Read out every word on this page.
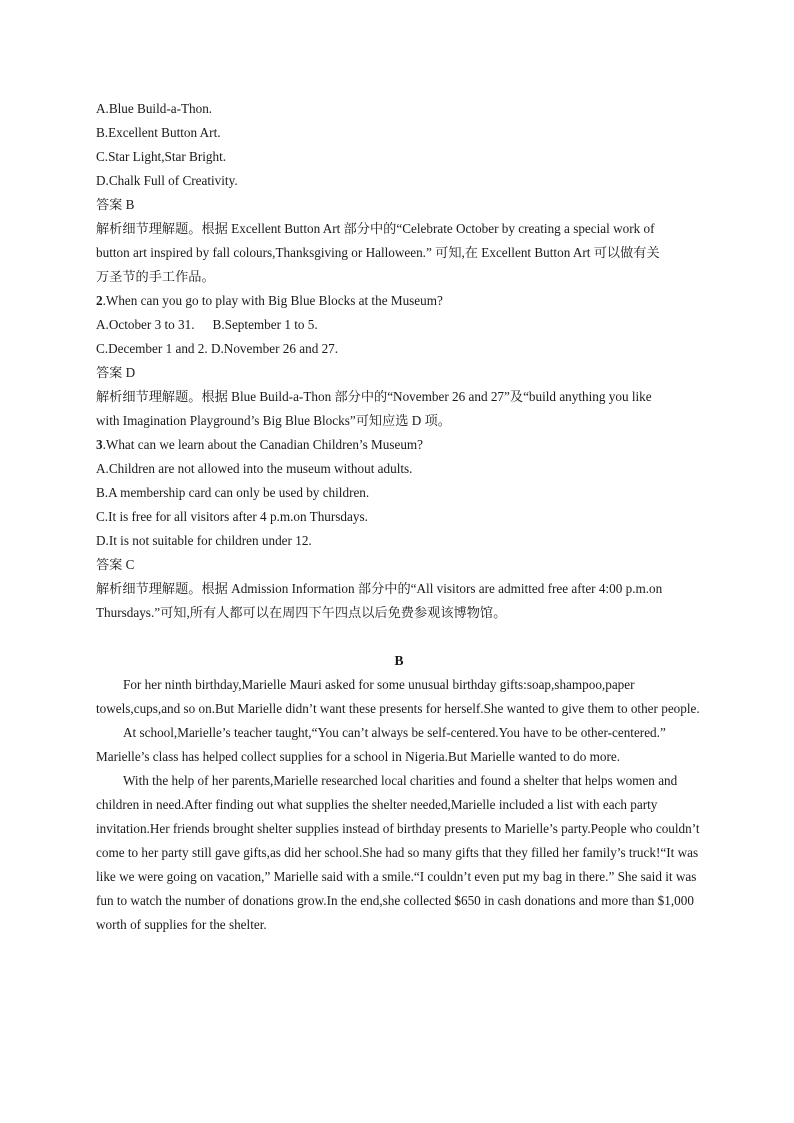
A.Blue Build-a-Thon.
B.Excellent Button Art.
C.Star Light,Star Bright.
D.Chalk Full of Creativity.
答案 B
解析细节理解题。根据 Excellent Button Art 部分中的“Celebrate October by creating a special work of
button art inspired by fall colours,Thanksgiving or Halloween.” 可知,在 Excellent Button Art 可以做有关
万圣节的手工作品。
2.When can you go to play with Big Blue Blocks at the Museum?
A.October 3 to 31. B.September 1 to 5.
C.December 1 and 2. D.November 26 and 27.
答案 D
解析细节理解题。根据 Blue Build-a-Thon 部分中的“November 26 and 27”及“build anything you like
with Imagination Playground’s Big Blue Blocks”可知应选 D 项。
3.What can we learn about the Canadian Children’s Museum?
A.Children are not allowed into the museum without adults.
B.A membership card can only be used by children.
C.It is free for all visitors after 4 p.m.on Thursdays.
D.It is not suitable for children under 12.
答案 C
解析细节理解题。根据 Admission Information 部分中的“All visitors are admitted free after 4:00 p.m.on
Thursdays.”可知,所有人都可以在周四下午四点以后免费参观该博物馆。
B

For her ninth birthday,Marielle Mauri asked for some unusual birthday gifts:soap,shampoo,paper towels,cups,and so on.But Marielle didn’t want these presents for herself.She wanted to give them to other people.

At school,Marielle’s teacher taught,“You can’t always be self-centered.You have to be other-centered.” Marielle’s class has helped collect supplies for a school in Nigeria.But Marielle wanted to do more.

With the help of her parents,Marielle researched local charities and found a shelter that helps women and children in need.After finding out what supplies the shelter needed,Marielle included a list with each party invitation.Her friends brought shelter supplies instead of birthday presents to Marielle’s party.People who couldn’t come to her party still gave gifts,as did her school.She had so many gifts that they filled her family’s truck!“It was like we were going on vacation,” Marielle said with a smile.“I couldn’t even put my bag in there.” She said it was fun to watch the number of donations grow.In the end,she collected $650 in cash donations and more than $1,000 worth of supplies for the shelter.
